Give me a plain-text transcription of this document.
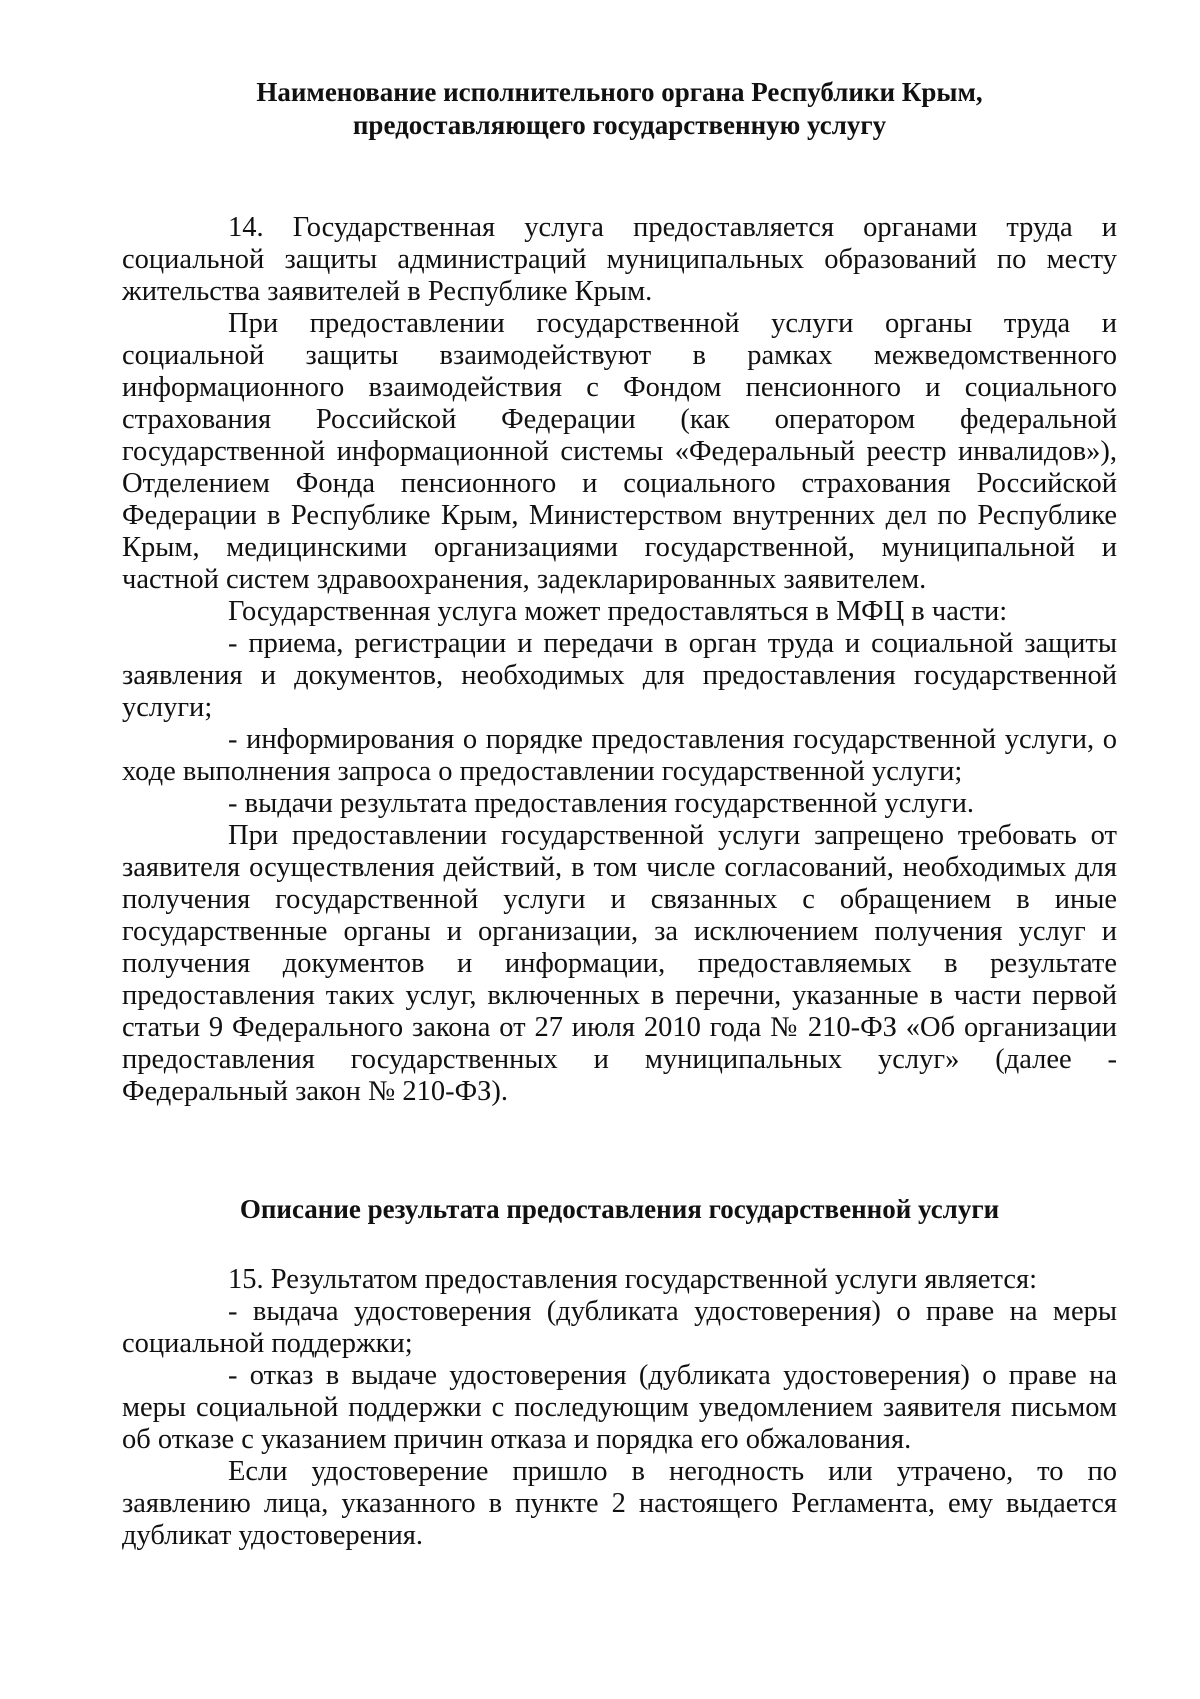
Наименование исполнительного органа Республики Крым,
предоставляющего государственную услугу

14. Государственная услуга предоставляется органами труда и социальной защиты администраций муниципальных образований по месту жительства заявителей в Республике Крым.

При предоставлении государственной услуги органы труда и социальной защиты взаимодействуют в рамках межведомственного информационного взаимодействия с Фондом пенсионного и социального страхования Российской Федерации (как оператором федеральной государственной информационной системы «Федеральный реестр инвалидов»), Отделением Фонда пенсионного и социального страхования Российской Федерации в Республике Крым, Министерством внутренних дел по Республике Крым, медицинскими организациями государственной, муниципальной и частной систем здравоохранения, задекларированных заявителем.

Государственная услуга может предоставляться в МФЦ в части:

- приема, регистрации и передачи в орган труда и социальной защиты заявления и документов, необходимых для предоставления государственной услуги;

- информирования о порядке предоставления государственной услуги, о ходе выполнения запроса о предоставлении государственной услуги;

- выдачи результата предоставления государственной услуги.

При предоставлении государственной услуги запрещено требовать от заявителя осуществления действий, в том числе согласований, необходимых для получения государственной услуги и связанных с обращением в иные государственные органы и организации, за исключением получения услуг и получения документов и информации, предоставляемых в результате предоставления таких услуг, включенных в перечни, указанные в части первой статьи 9 Федерального закона от 27 июля 2010 года № 210-ФЗ «Об организации предоставления государственных и муниципальных услуг» (далее - Федеральный закон № 210-ФЗ).

Описание результата предоставления государственной услуги

15. Результатом предоставления государственной услуги является:

- выдача удостоверения (дубликата удостоверения) о праве на меры социальной поддержки;

- отказ в выдаче удостоверения (дубликата удостоверения) о праве на меры социальной поддержки с последующим уведомлением заявителя письмом об отказе с указанием причин отказа и порядка его обжалования.

Если удостоверение пришло в негодность или утрачено, то по заявлению лица, указанного в пункте 2 настоящего Регламента, ему выдается дубликат удостоверения.
